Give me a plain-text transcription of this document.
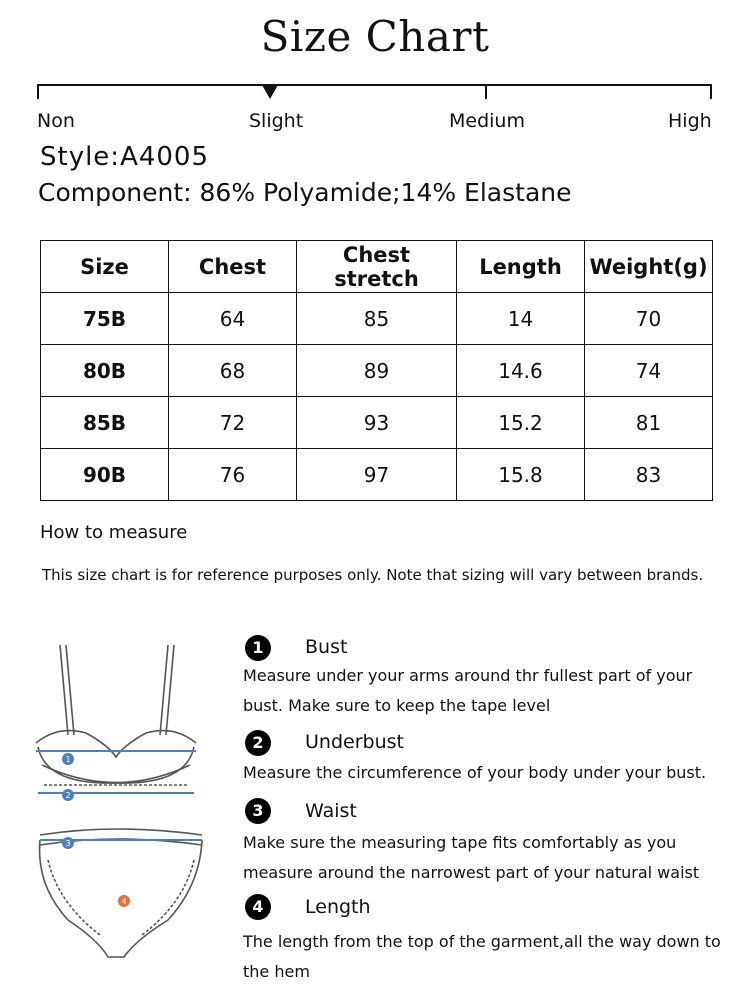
Size Chart
Non	Slight	Medium	High
Style:A4005
Component: 86% Polyamide;14% Elastane
Size	Chest	Chest stretch	Length	Weight(g)
75B	64	85	14	70
80B	68	89	14.6	74
85B	72	93	15.2	81
90B	76	97	15.8	83
How to measure
This size chart is for reference purposes only. Note that sizing will vary between brands.
1
2
3
4
1	Bust
Measure under your arms around thr fullest part of your bust. Make sure to keep the tape level
2	Underbust
Measure the circumference of your body under your bust.
3	Waist
Make sure the measuring tape fits comfortably as you measure around the narrowest part of your natural waist
4	Length
The length from the top of the garment,all the way down to the hem
